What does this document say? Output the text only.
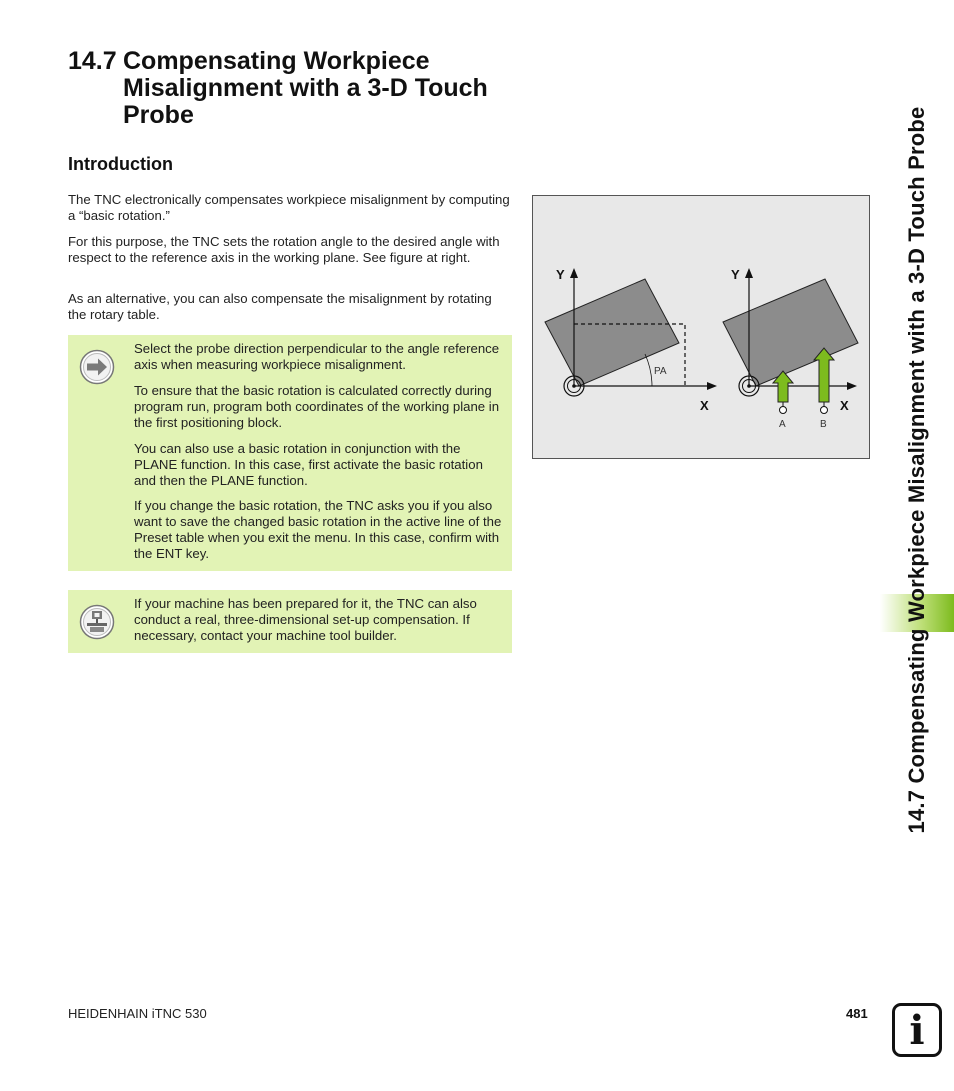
14.7 Compensating Workpiece Misalignment with a 3-D Touch Probe
Introduction

The TNC electronically compensates workpiece misalignment by computing a “basic rotation.”

For this purpose, the TNC sets the rotation angle to the desired angle with respect to the reference axis in the working plane. See figure at right.

As an alternative, you can also compensate the misalignment by rotating the rotary table.

Select the probe direction perpendicular to the angle reference axis when measuring workpiece misalignment.

To ensure that the basic rotation is calculated correctly during program run, program both coordinates of the working plane in the first positioning block.

You can also use a basic rotation in conjunction with the PLANE function. In this case, first activate the basic rotation and then the PLANE function.

If you change the basic rotation, the TNC asks you if you also want to save the changed basic rotation in the active line of the Preset table when you exit the menu. In this case, confirm with the ENT key.

If your machine has been prepared for it, the TNC can also conduct a real, three-dimensional set-up compensation. If necessary, contact your machine tool builder.

Y
X
PA
Y
X
A	B	14.7 Compensating Workpiece Misalignment with a 3-D Touch Probe
HEIDENHAIN iTNC 530	481 i
